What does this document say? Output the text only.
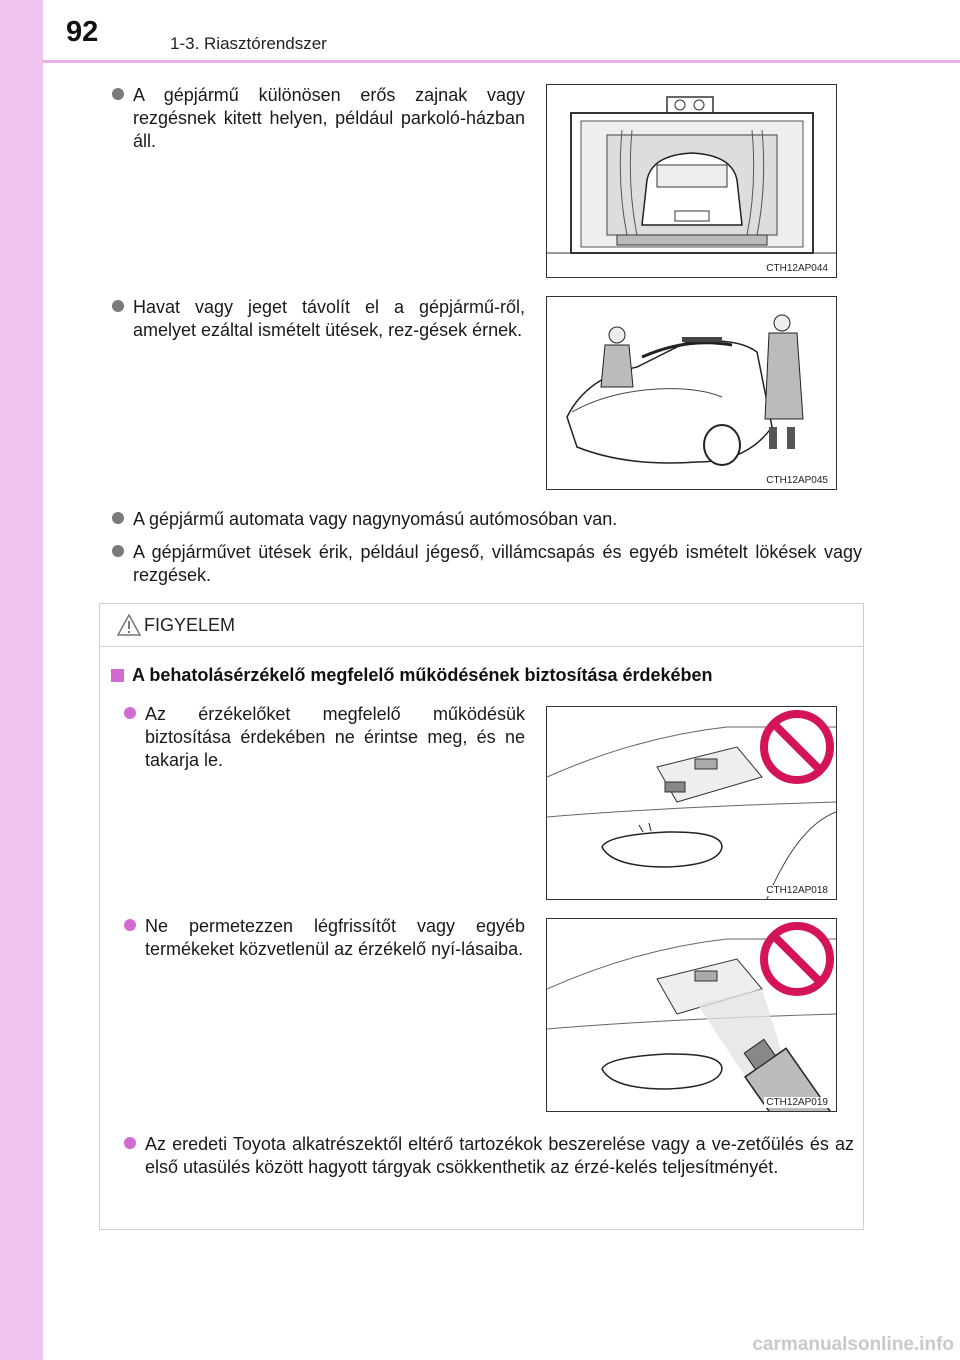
92	1-3. Riasztórendszer
A gépjármű különösen erős zajnak vagy rezgésnek kitett helyen, például parkoló-házban áll.
CTH12AP044
Havat vagy jeget távolít el a gépjármű-ről, amelyet ezáltal ismételt ütések, rez-gések érnek.
CTH12AP045
A gépjármű automata vagy nagynyomású autómosóban van.
A gépjárművet ütések érik, például jégeső, villámcsapás és egyéb ismételt lökések vagy rezgések.
FIGYELEM
A behatolásérzékelő megfelelő működésének biztosítása érdekében
Az érzékelőket megfelelő működésük biztosítása érdekében ne érintse meg, és ne takarja le.
CTH12AP018
Ne permetezzen légfrissítőt vagy egyéb termékeket közvetlenül az érzékelő nyí-lásaiba.
CTH12AP019
Az eredeti Toyota alkatrészektől eltérő tartozékok beszerelése vagy a ve-zetőülés és az első utasülés között hagyott tárgyak csökkenthetik az érzé-kelés teljesítményét.
carmanualsonline.info
